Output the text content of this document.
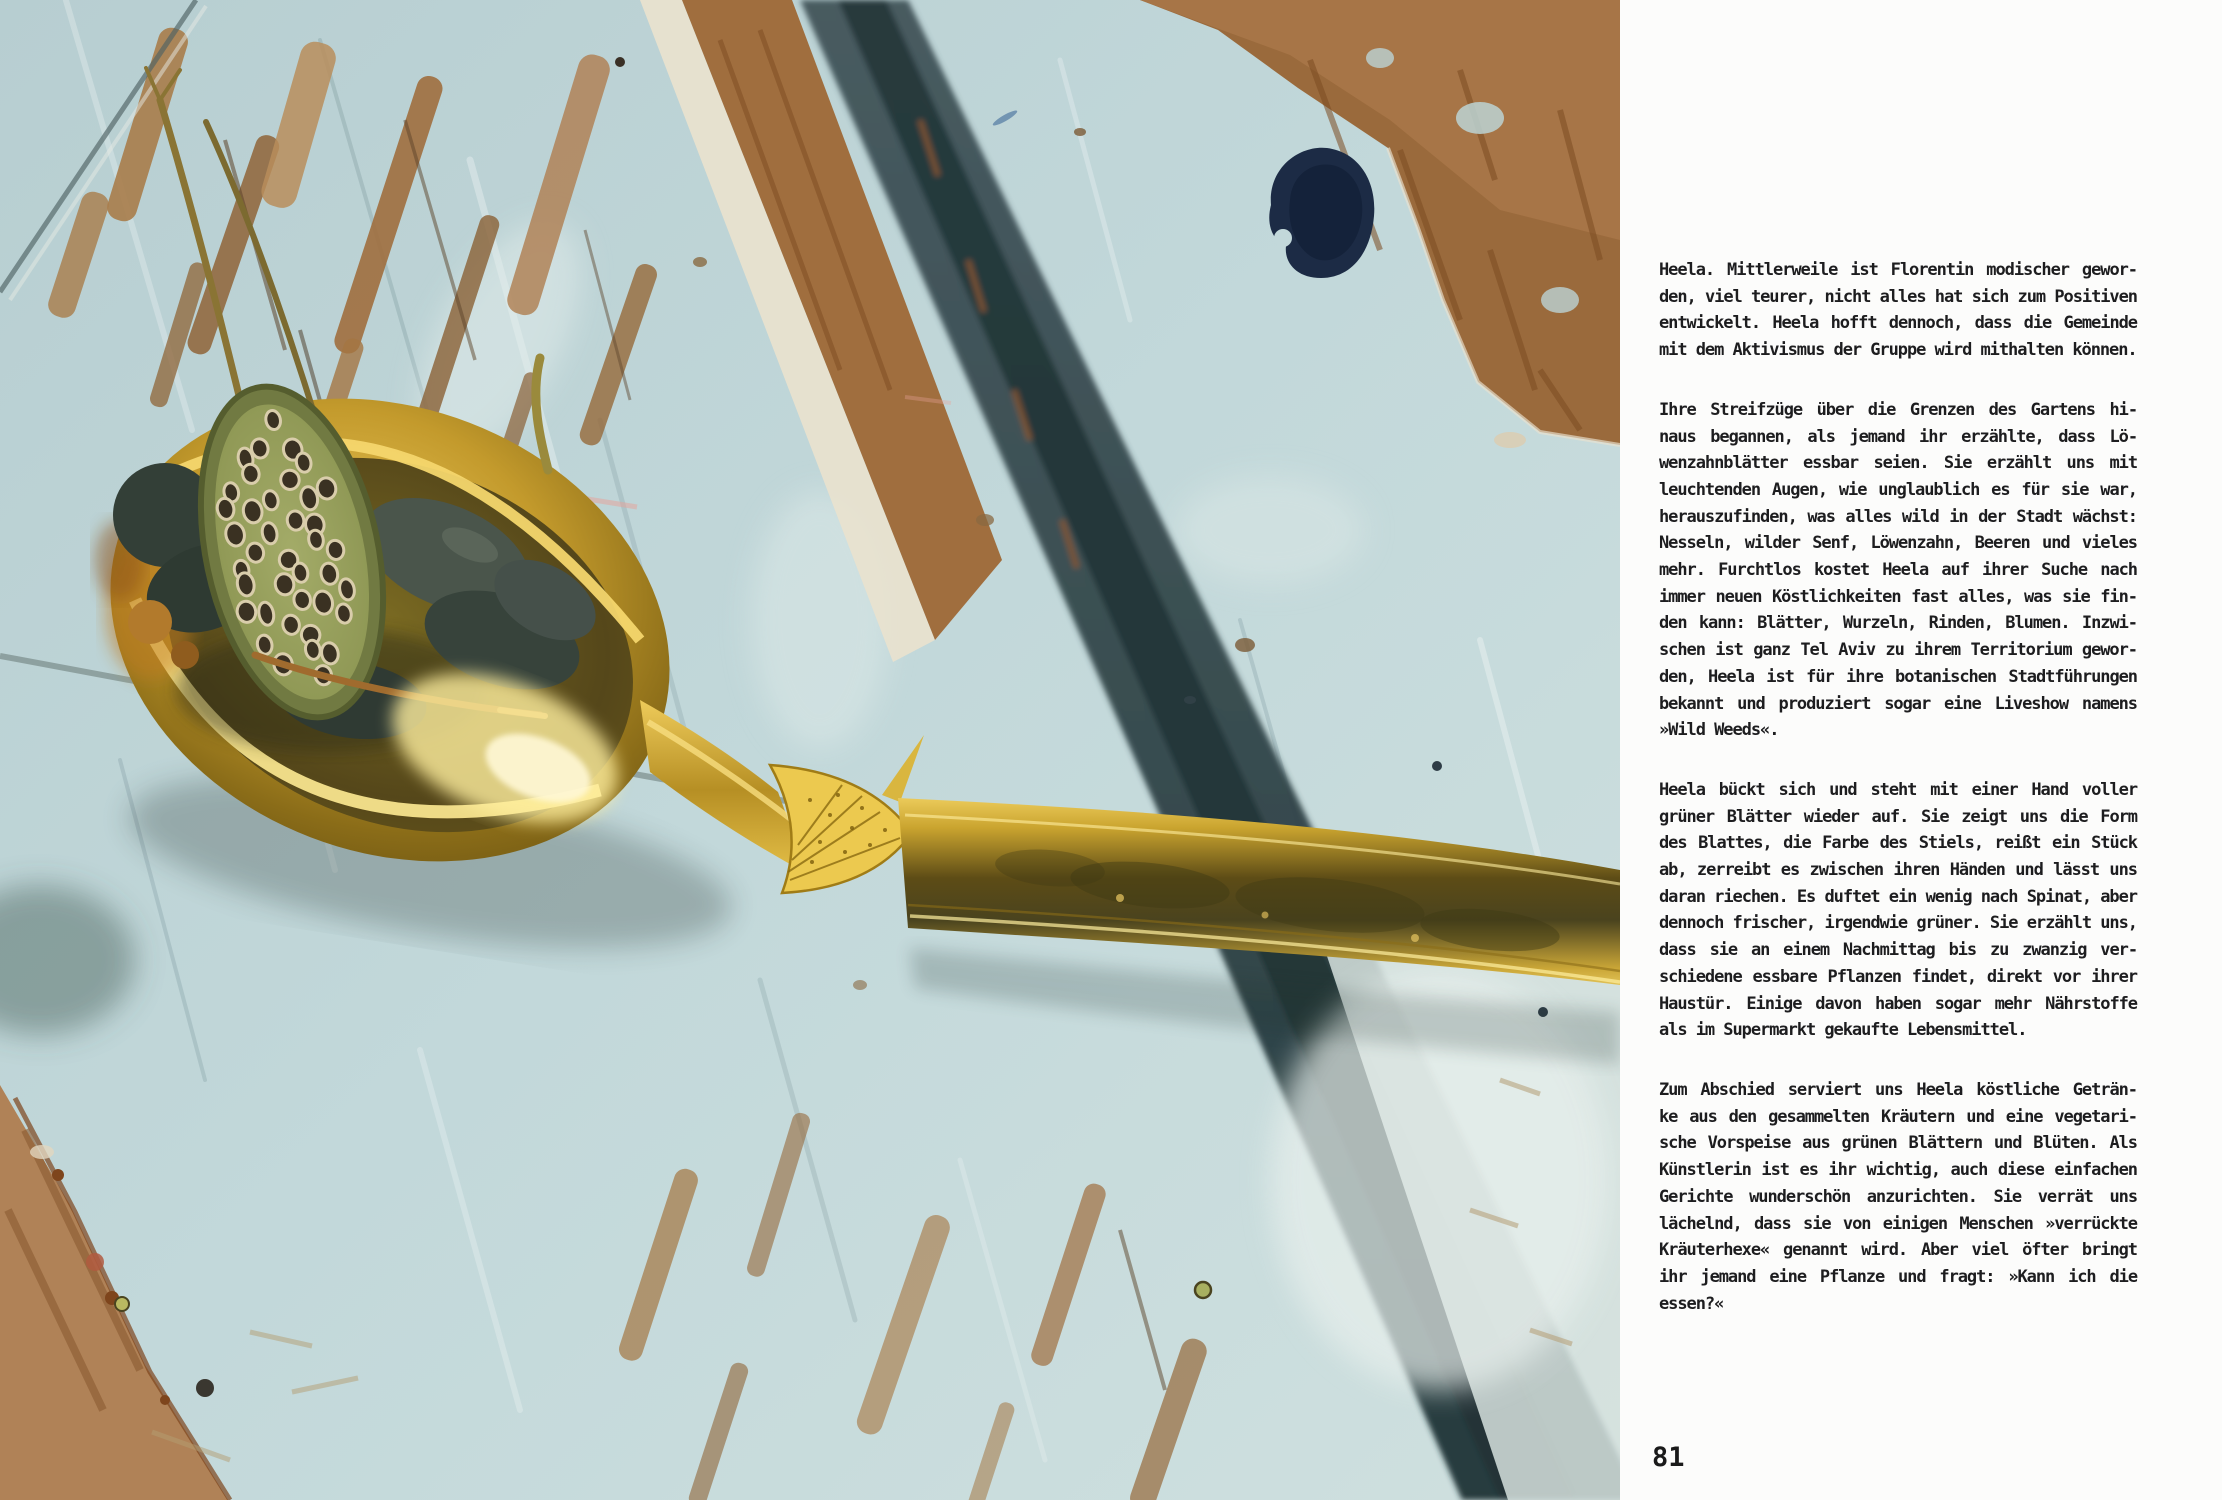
Heela. Mittlerweile ist Florentin modischer gewor-
den, viel teurer, nicht alles hat sich zum Positiven
entwickelt. Heela hofft dennoch, dass die Gemeinde
mit dem Aktivismus der Gruppe wird mithalten können.

Ihre Streifzüge über die Grenzen des Gartens hi-
naus begannen, als jemand ihr erzählte, dass Lö-
wenzahnblätter essbar seien. Sie erzählt uns mit
leuchtenden Augen, wie unglaublich es für sie war,
herauszufinden, was alles wild in der Stadt wächst:
Nesseln, wilder Senf, Löwenzahn, Beeren und vieles
mehr. Furchtlos kostet Heela auf ihrer Suche nach
immer neuen Köstlichkeiten fast alles, was sie fin-
den kann: Blätter, Wurzeln, Rinden, Blumen. Inzwi-
schen ist ganz Tel Aviv zu ihrem Territorium gewor-
den, Heela ist für ihre botanischen Stadtführungen
bekannt und produziert sogar eine Liveshow namens
»Wild Weeds«.

Heela bückt sich und steht mit einer Hand voller
grüner Blätter wieder auf. Sie zeigt uns die Form
des Blattes, die Farbe des Stiels, reißt ein Stück
ab, zerreibt es zwischen ihren Händen und lässt uns
daran riechen. Es duftet ein wenig nach Spinat, aber
dennoch frischer, irgendwie grüner. Sie erzählt uns,
dass sie an einem Nachmittag bis zu zwanzig ver-
schiedene essbare Pflanzen findet, direkt vor ihrer
Haustür. Einige davon haben sogar mehr Nährstoffe
als im Supermarkt gekaufte Lebensmittel.

Zum Abschied serviert uns Heela köstliche Geträn-
ke aus den gesammelten Kräutern und eine vegetari-
sche Vorspeise aus grünen Blättern und Blüten. Als
Künstlerin ist es ihr wichtig, auch diese einfachen
Gerichte wunderschön anzurichten. Sie verrät uns
lächelnd, dass sie von einigen Menschen »verrückte
Kräuterhexe« genannt wird. Aber viel öfter bringt
ihr jemand eine Pflanze und fragt: »Kann ich die
essen?«

81
